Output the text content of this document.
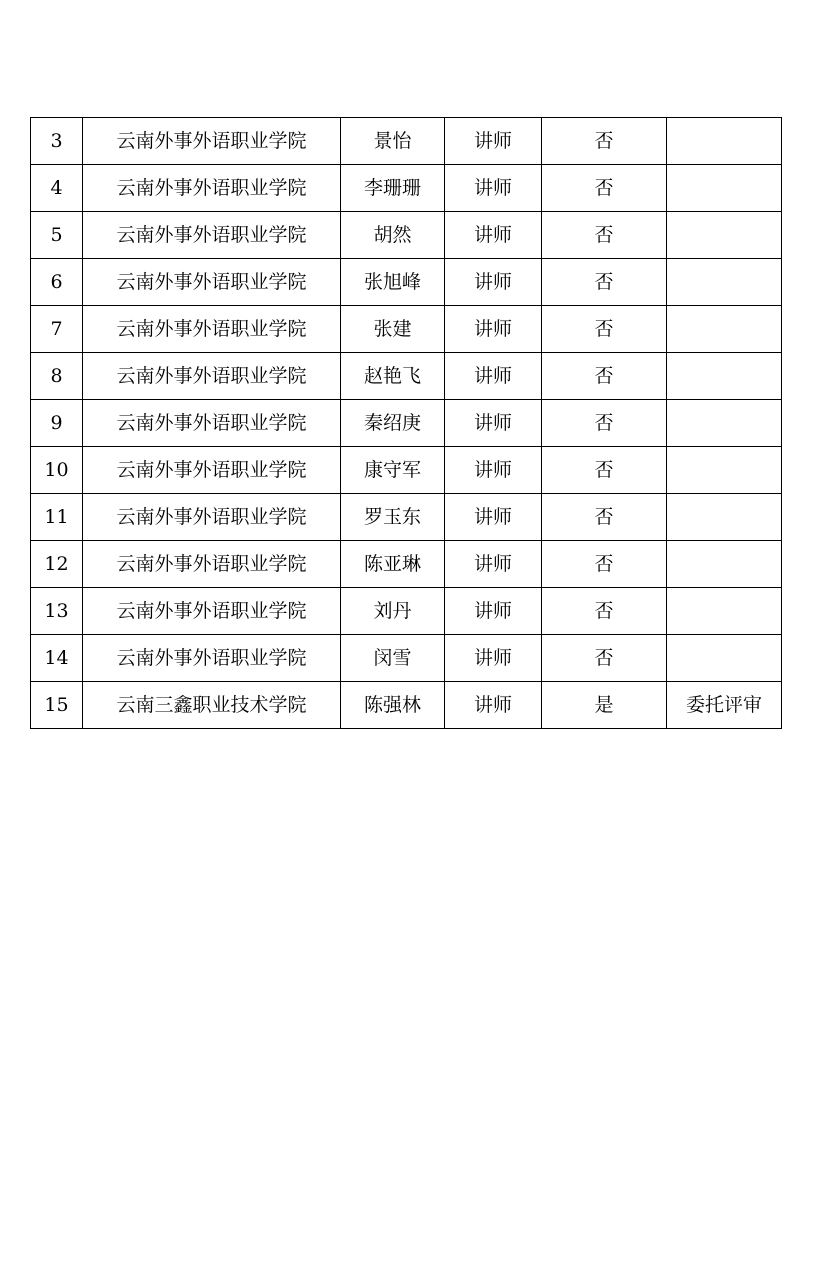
3	云南外事外语职业学院	景怡	讲师	否	
4	云南外事外语职业学院	李珊珊	讲师	否	
5	云南外事外语职业学院	胡然	讲师	否	
6	云南外事外语职业学院	张旭峰	讲师	否	
7	云南外事外语职业学院	张建	讲师	否	
8	云南外事外语职业学院	赵艳飞	讲师	否	
9	云南外事外语职业学院	秦绍庚	讲师	否	
10	云南外事外语职业学院	康守军	讲师	否	
11	云南外事外语职业学院	罗玉东	讲师	否	
12	云南外事外语职业学院	陈亚琳	讲师	否	
13	云南外事外语职业学院	刘丹	讲师	否	
14	云南外事外语职业学院	闵雪	讲师	否	
15	云南三鑫职业技术学院	陈强林	讲师	是	委托评审
